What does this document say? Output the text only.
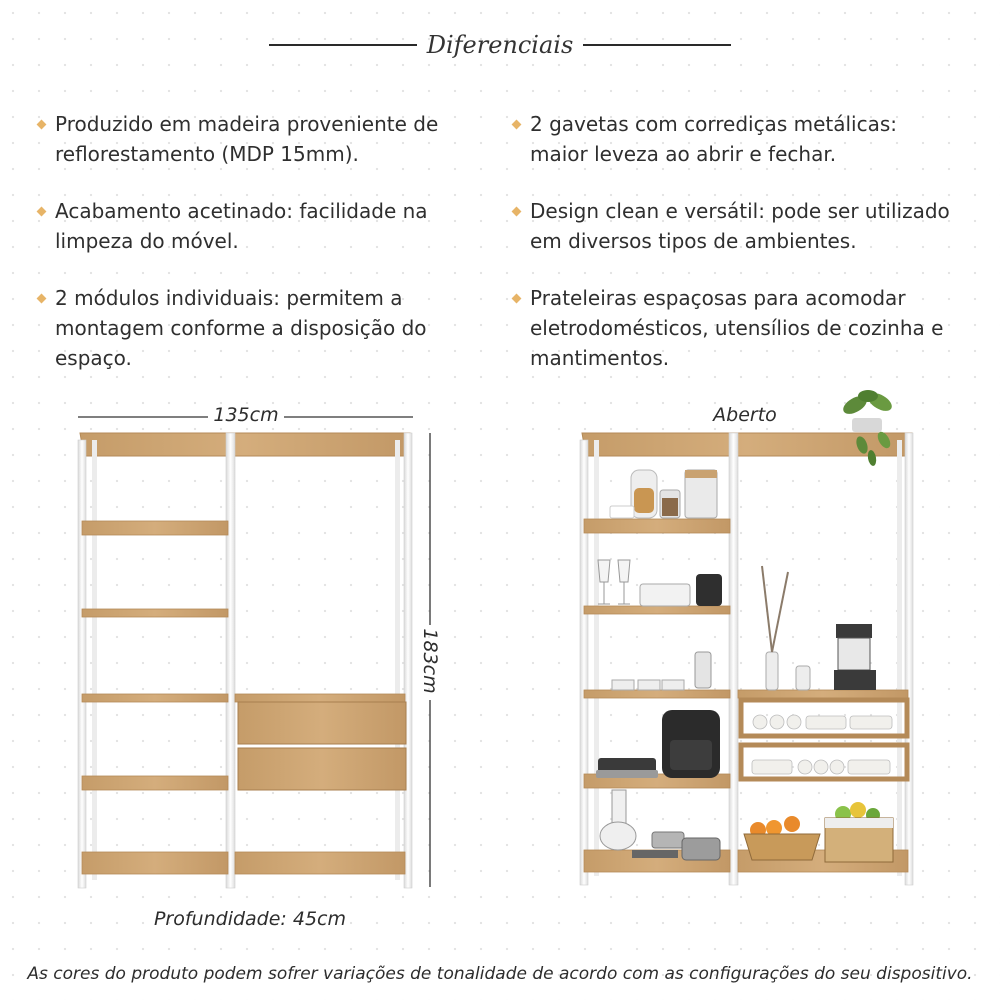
Diferenciais
Produzido em madeira proveniente de
reflorestamento (MDP 15mm).
Acabamento acetinado: facilidade na
limpeza do móvel.
2 módulos individuais: permitem a
montagem conforme a disposição do
espaço.
2 gavetas com corrediças metálicas:
maior leveza ao abrir e fechar.
Design clean e versátil: pode ser utilizado
em diversos tipos de ambientes.
Prateleiras espaçosas para acomodar
eletrodomésticos, utensílios de cozinha e
mantimentos.
135cm
183cm
Profundidade: 45cm
Aberto
As cores do produto podem sofrer variações de tonalidade de acordo com as configurações do seu dispositivo.
